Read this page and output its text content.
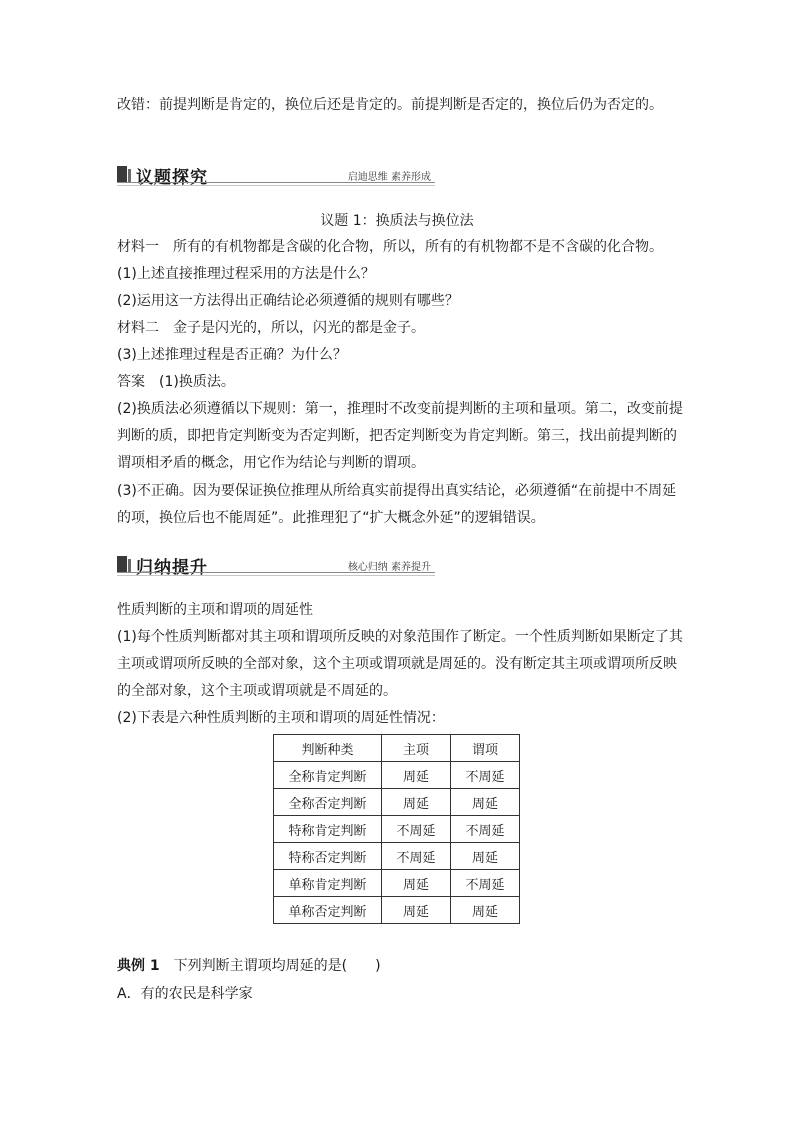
改错：前提判断是肯定的，换位后还是肯定的。前提判断是否定的，换位后仍为否定的。
议题探究	启迪思维 素养形成
议题 1：换质法与换位法
材料一　所有的有机物都是含碳的化合物，所以，所有的有机物都不是不含碳的化合物。
(1)上述直接推理过程采用的方法是什么？
(2)运用这一方法得出正确结论必须遵循的规则有哪些？
材料二　金子是闪光的，所以，闪光的都是金子。
(3)上述推理过程是否正确？为什么？
答案　(1)换质法。
(2)换质法必须遵循以下规则：第一，推理时不改变前提判断的主项和量项。第二，改变前提
判断的质，即把肯定判断变为否定判断，把否定判断变为肯定判断。第三，找出前提判断的
谓项相矛盾的概念，用它作为结论与判断的谓项。
(3)不正确。因为要保证换位推理从所给真实前提得出真实结论，必须遵循“在前提中不周延
的项，换位后也不能周延”。此推理犯了“扩大概念外延”的逻辑错误。
归纳提升	核心归纳 素养提升
性质判断的主项和谓项的周延性
(1)每个性质判断都对其主项和谓项所反映的对象范围作了断定。一个性质判断如果断定了其
主项或谓项所反映的全部对象，这个主项或谓项就是周延的。没有断定其主项或谓项所反映
的全部对象，这个主项或谓项就是不周延的。
(2)下表是六种性质判断的主项和谓项的周延性情况：
判断种类	主项	谓项
全称肯定判断	周延	不周延
全称否定判断	周延	周延
特称肯定判断	不周延	不周延
特称否定判断	不周延	周延
单称肯定判断	周延	不周延
单称否定判断	周延	周延
典例 1　下列判断主谓项均周延的是(　　)
A．有的农民是科学家
